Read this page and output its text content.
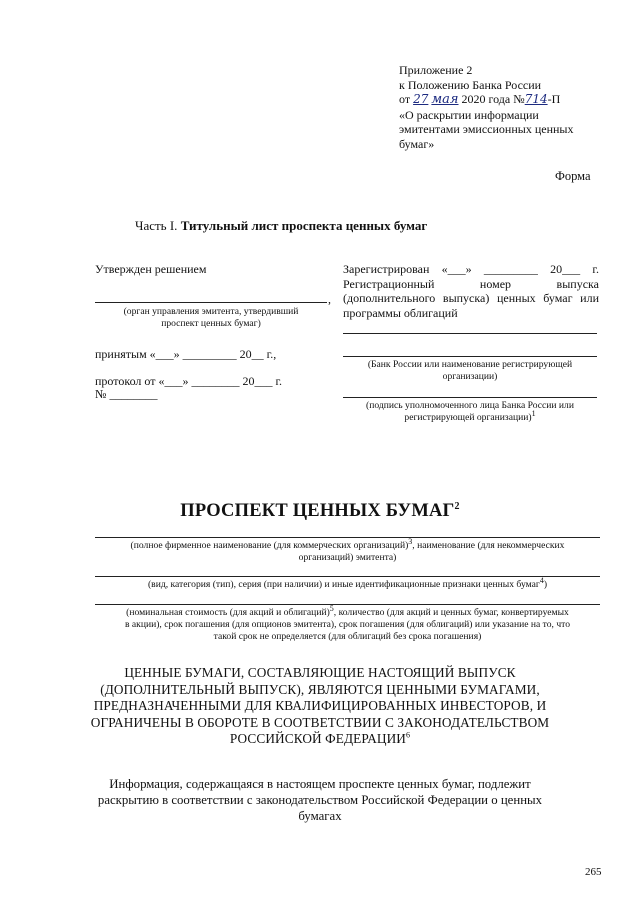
Приложение 2
к Положению Банка России
от 27 мая 2020 года №714-П
«О раскрытии информации
эмитентами эмиссионных ценных
бумаг»
Форма
Часть I. Титульный лист проспекта ценных бумаг
Утвержден решением
,
(орган управления эмитента, утвердивший
проспект ценных бумаг)
принятым «___» _________ 20__ г.,
протокол от «___» ________ 20___ г.
№ ________
Зарегистрирован «___» _________ 20___ г. Регистрационный номер выпуска (дополнительного выпуска) ценных бумаг или программы облигаций
(Банк России или наименование регистрирующей
организации)
(подпись уполномоченного лица Банка России или
регистрирующей организации)$^1$
ПРОСПЕКТ ЦЕННЫХ БУМАГ$^2$
(полное фирменное наименование (для коммерческих организаций)$^3$, наименование (для некоммерческих
организаций) эмитента)
(вид, категория (тип), серия (при наличии) и иные идентификационные признаки ценных бумаг$^4$)
(номинальная стоимость (для акций и облигаций)$^5$, количество (для акций и ценных бумаг, конвертируемых
в акции), срок погашения (для опционов эмитента), срок погашения (для облигаций) или указание на то, что
такой срок не определяется (для облигаций без срока погашения)
ЦЕННЫЕ БУМАГИ, СОСТАВЛЯЮЩИЕ НАСТОЯЩИЙ ВЫПУСК (ДОПОЛНИТЕЛЬНЫЙ ВЫПУСК), ЯВЛЯЮТСЯ ЦЕННЫМИ БУМАГАМИ, ПРЕДНАЗНАЧЕННЫМИ ДЛЯ КВАЛИФИЦИРОВАННЫХ ИНВЕСТОРОВ, И ОГРАНИЧЕНЫ В ОБОРОТЕ В СООТВЕТСТВИИ С ЗАКОНОДАТЕЛЬСТВОМ РОССИЙСКОЙ ФЕДЕРАЦИИ$^6$
Информация, содержащаяся в настоящем проспекте ценных бумаг, подлежит раскрытию в соответствии с законодательством Российской Федерации о ценных бумагах
265
